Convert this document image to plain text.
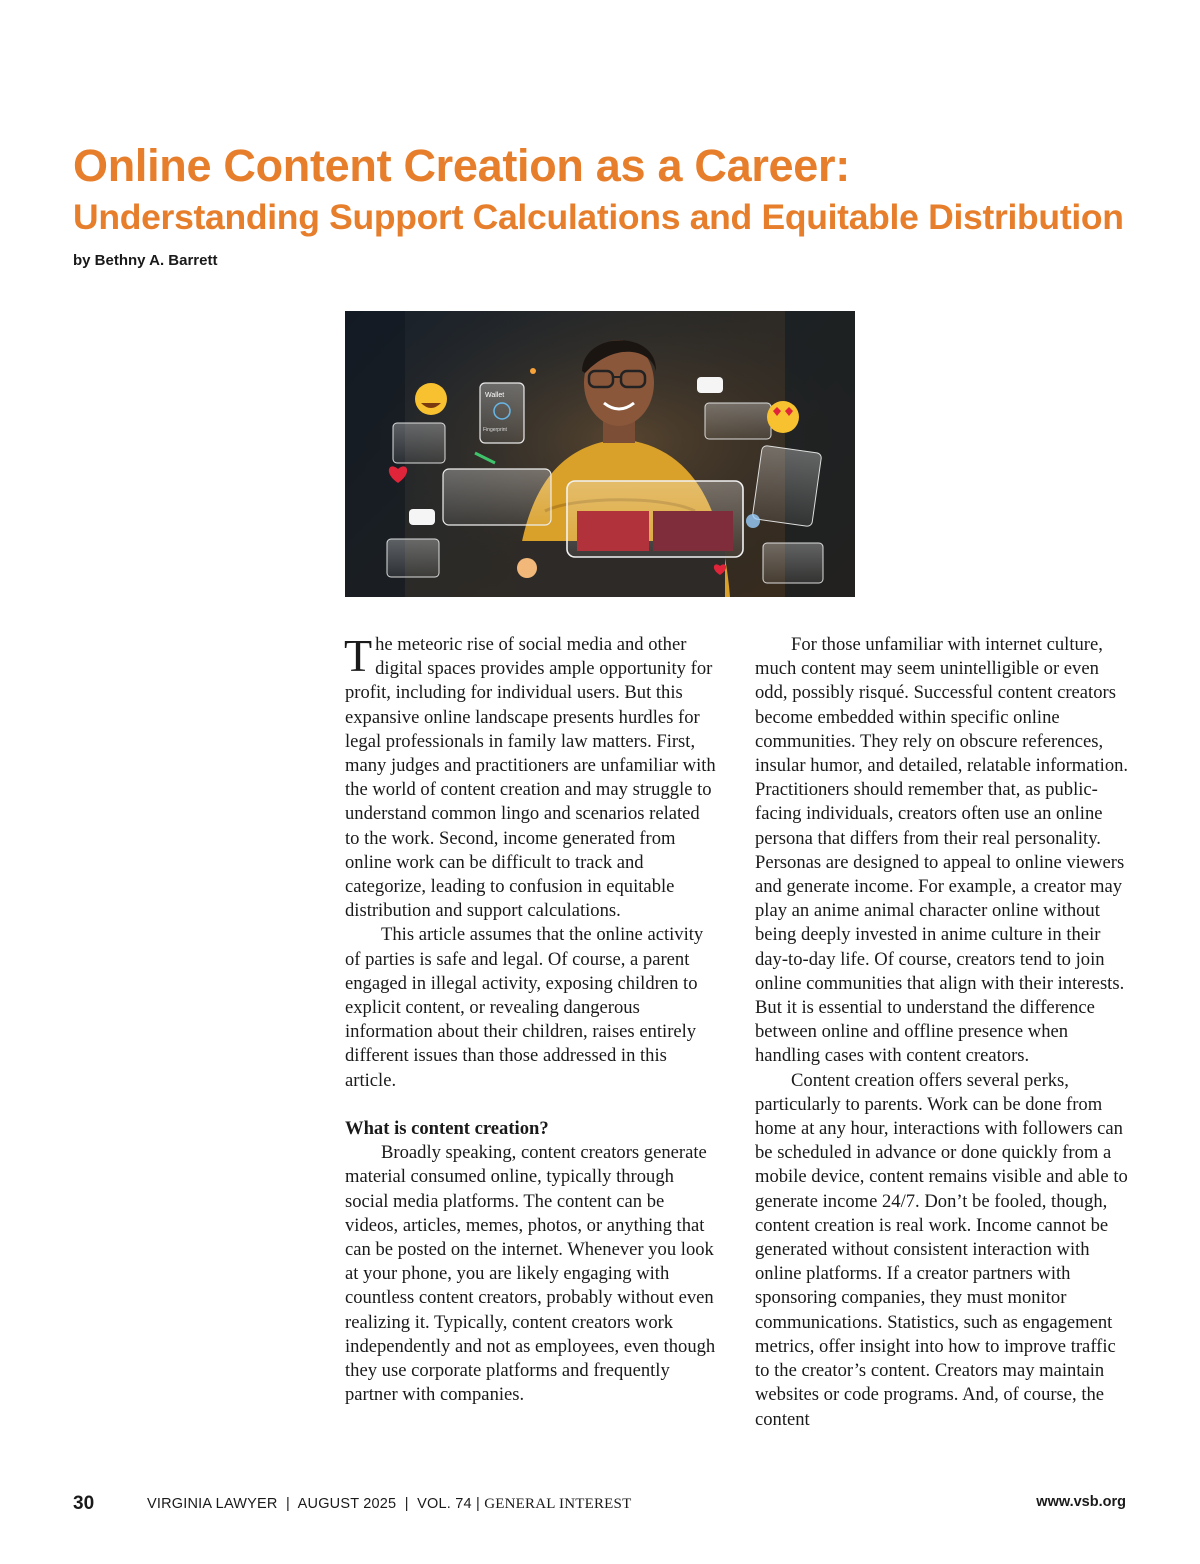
Online Content Creation as a Career:
Understanding Support Calculations and Equitable Distribution
by Bethny A. Barrett
Wallet
Fingerprint

The meteoric rise of social media and other digital spaces provides ample opportunity for profit, including for individual users. But this expansive online landscape presents hurdles for legal professionals in family law matters. First, many judges and practitioners are unfamiliar with the world of content creation and may struggle to understand common lingo and scenarios related to the work. Second, income generated from online work can be difficult to track and categorize, leading to confusion in equitable distribution and support calculations.

This article assumes that the online activity of parties is safe and legal. Of course, a parent engaged in illegal activity, exposing children to explicit content, or revealing dangerous information about their children, raises entirely different issues than those addressed in this article.

What is content creation?

Broadly speaking, content creators generate material consumed online, typically through social media platforms. The content can be videos, articles, memes, photos, or anything that can be posted on the internet. Whenever you look at your phone, you are likely engaging with countless content creators, probably without even realizing it. Typically, content creators work independently and not as employees, even though they use corporate platforms and frequently partner with companies.

For those unfamiliar with internet culture, much content may seem unintelligible or even odd, possibly risqué. Successful content creators become embedded within specific online communities. They rely on obscure references, insular humor, and detailed, relatable information. Practitioners should remember that, as public-facing individuals, creators often use an online persona that differs from their real personality. Personas are designed to appeal to online viewers and generate income. For example, a creator may play an anime animal character online without being deeply invested in anime culture in their day-to-day life. Of course, creators tend to join online communities that align with their interests. But it is essential to understand the difference between online and offline presence when handling cases with content creators.

Content creation offers several perks, particularly to parents. Work can be done from home at any hour, interactions with followers can be scheduled in advance or done quickly from a mobile device, content remains visible and able to generate income 24/7. Don’t be fooled, though, content creation is real work. Income cannot be generated without consistent interaction with online platforms. If a creator partners with sponsoring companies, they must monitor communications. Statistics, such as engagement metrics, offer insight into how to improve traffic to the creator’s content. Creators may maintain websites or code programs. And, of course, the content

30	VIRGINIA LAWYER  |  AUGUST 2025  |  VOL. 74 | GENERAL INTEREST	www.vsb.org
